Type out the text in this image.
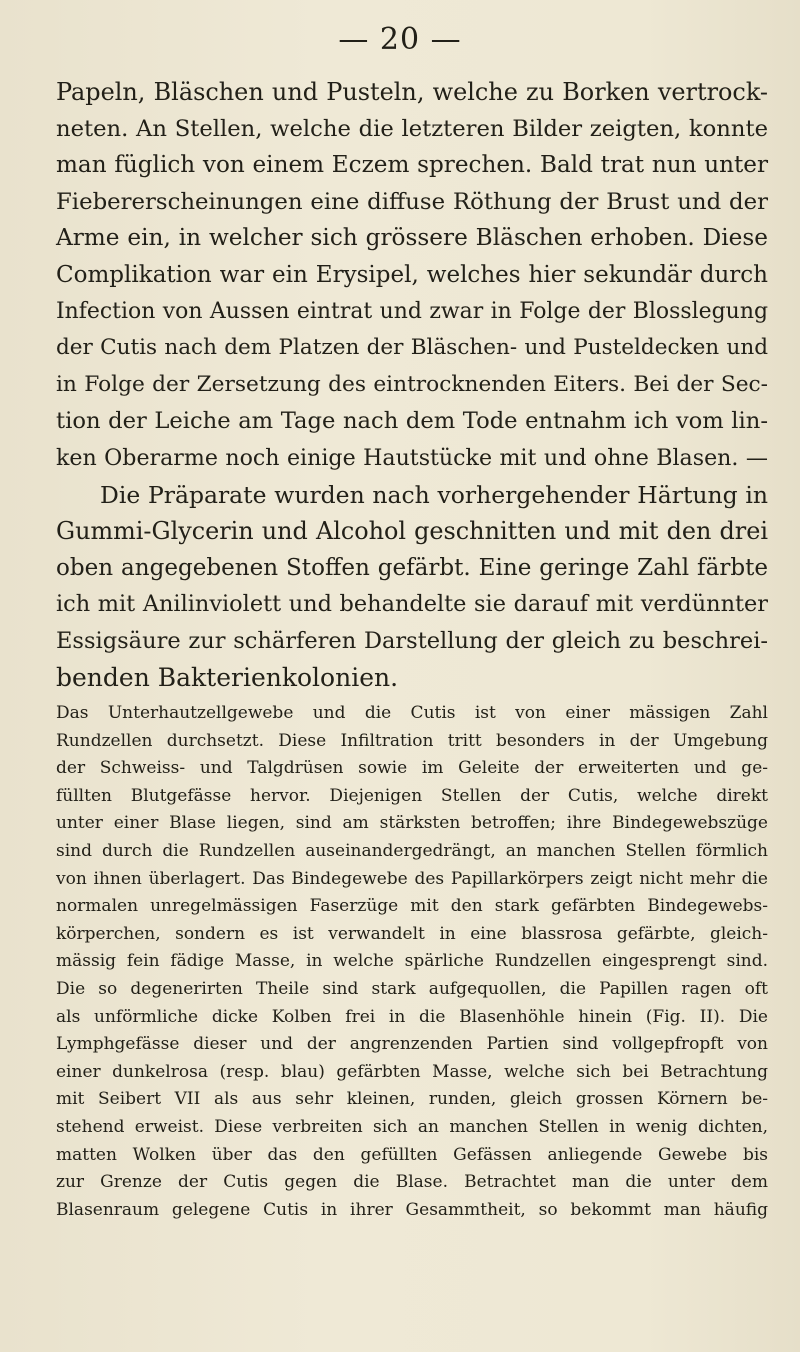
— 20 —
Papeln, Bläschen und Pusteln, welche zu Borken vertrock-
neten. An Stellen, welche die letzteren Bilder zeigten, konnte
man füglich von einem Eczem sprechen. Bald trat nun unter
Fiebererscheinungen eine diffuse Röthung der Brust und der
Arme ein, in welcher sich grössere Bläschen erhoben. Diese
Complikation war ein Erysipel, welches hier sekundär durch
Infection von Aussen eintrat und zwar in Folge der Blosslegung
der Cutis nach dem Platzen der Bläschen- und Pusteldecken und
in Folge der Zersetzung des eintrocknenden Eiters. Bei der Sec-
tion der Leiche am Tage nach dem Tode entnahm ich vom lin-
ken Oberarme noch einige Hautstücke mit und ohne Blasen. —
Die Präparate wurden nach vorhergehender Härtung in
Gummi-Glycerin und Alcohol geschnitten und mit den drei
oben angegebenen Stoffen gefärbt. Eine geringe Zahl färbte
ich mit Anilinviolett und behandelte sie darauf mit verdünnter
Essigsäure zur schärferen Darstellung der gleich zu beschrei-
benden Bakterienkolonien.
Das Unterhautzellgewebe und die Cutis ist von einer mässigen Zahl
Rundzellen durchsetzt. Diese Infiltration tritt besonders in der Umgebung
der Schweiss- und Talgdrüsen sowie im Geleite der erweiterten und ge-
füllten Blutgefässe hervor. Diejenigen Stellen der Cutis, welche direkt
unter einer Blase liegen, sind am stärksten betroffen; ihre Bindegewebszüge
sind durch die Rundzellen auseinandergedrängt, an manchen Stellen förmlich
von ihnen überlagert. Das Bindegewebe des Papillarkörpers zeigt nicht mehr die
normalen unregelmässigen Faserzüge mit den stark gefärbten Bindegewebs-
körperchen, sondern es ist verwandelt in eine blassrosa gefärbte, gleich-
mässig fein fädige Masse, in welche spärliche Rundzellen eingesprengt sind.
Die so degenerirten Theile sind stark aufgequollen, die Papillen ragen oft
als unförmliche dicke Kolben frei in die Blasenhöhle hinein (Fig. II). Die
Lymphgefässe dieser und der angrenzenden Partien sind vollgepfropft von
einer dunkelrosa (resp. blau) gefärbten Masse, welche sich bei Betrachtung
mit Seibert VII als aus sehr kleinen, runden, gleich grossen Körnern be-
stehend erweist. Diese verbreiten sich an manchen Stellen in wenig dichten,
matten Wolken über das den gefüllten Gefässen anliegende Gewebe bis
zur Grenze der Cutis gegen die Blase. Betrachtet man die unter dem
Blasenraum gelegene Cutis in ihrer Gesammtheit, so bekommt man häufig
